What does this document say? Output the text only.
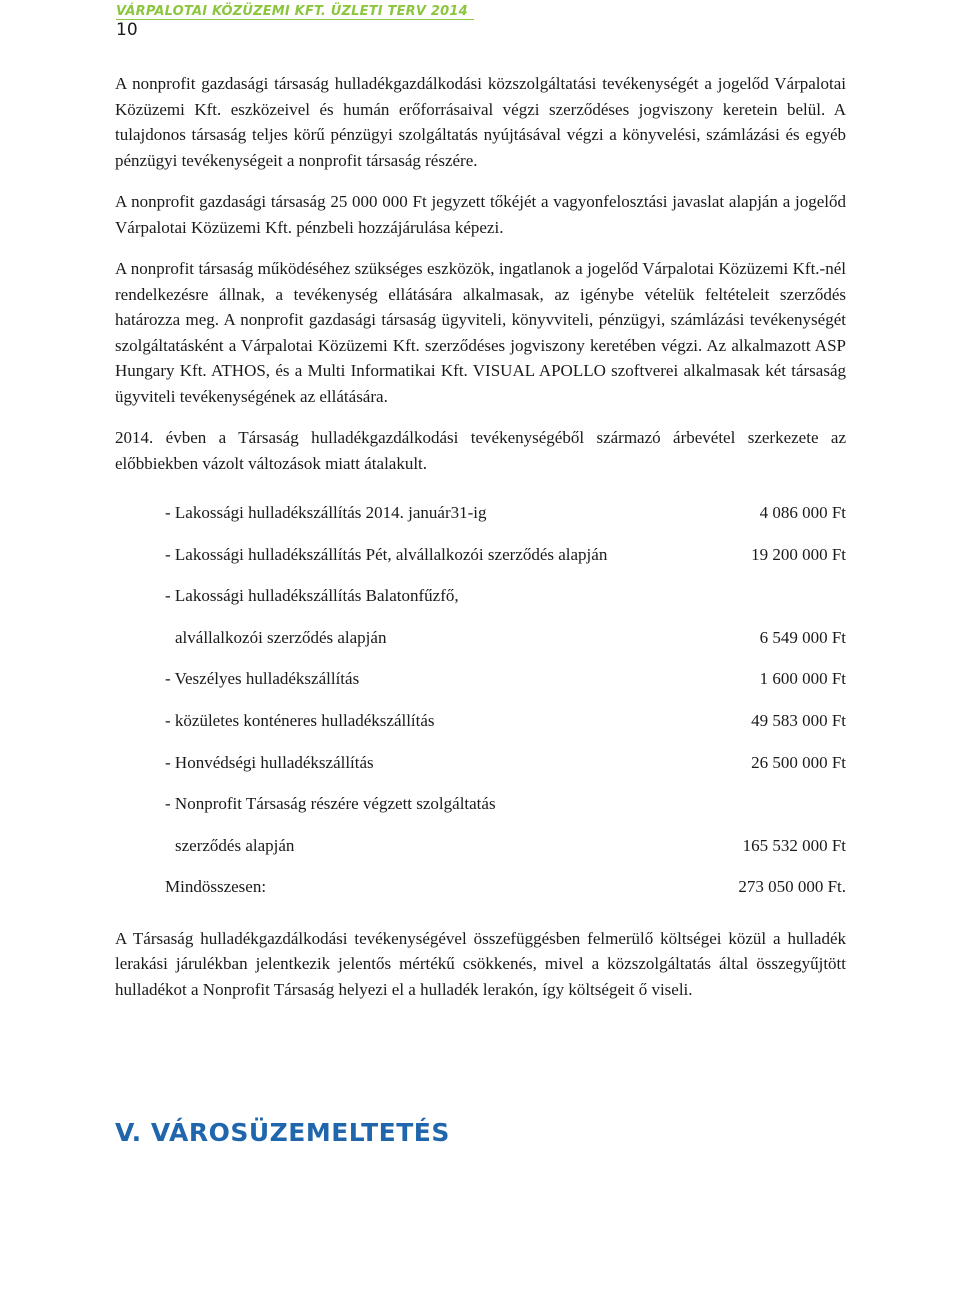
VÁRPALOTAI KÖZÜZEMI KFT. ÜZLETI TERV 2014
10

A nonprofit gazdasági társaság hulladékgazdálkodási közszolgáltatási tevékenységét a jogelőd Várpalotai Közüzemi Kft. eszközeivel és humán erőforrásaival végzi szerződéses jogviszony keretein belül. A tulajdonos társaság teljes körű pénzügyi szolgáltatás nyújtásával végzi a könyvelési, számlázási és egyéb pénzügyi tevékenységeit a nonprofit társaság részére.

A nonprofit gazdasági társaság 25 000 000 Ft jegyzett tőkéjét a vagyonfelosztási javaslat alapján a jogelőd Várpalotai Közüzemi Kft. pénzbeli hozzájárulása képezi.

A nonprofit társaság működéséhez szükséges eszközök, ingatlanok a jogelőd Várpalotai Közüzemi Kft.-nél rendelkezésre állnak, a tevékenység ellátására alkalmasak, az igénybe vételük feltételeit szerződés határozza meg. A nonprofit gazdasági társaság ügyviteli, könyvviteli, pénzügyi, számlázási tevékenységét szolgáltatásként a Várpalotai Közüzemi Kft. szerződéses jogviszony keretében végzi. Az alkalmazott ASP Hungary Kft. ATHOS, és a Multi Informatikai Kft. VISUAL APOLLO szoftverei alkalmasak két társaság ügyviteli tevékenységének az ellátására.

2014. évben a Társaság hulladékgazdálkodási tevékenységéből származó árbevétel szerkezete az előbbiekben vázolt változások miatt átalakult.

- Lakossági hulladékszállítás 2014. január31-ig	4 086 000 Ft
- Lakossági hulladékszállítás Pét, alvállalkozói szerződés alapján	19 200 000 Ft
- Lakossági hulladékszállítás Balatonfűzfő,
alvállalkozói szerződés alapján	6 549 000 Ft
- Veszélyes hulladékszállítás	1 600 000 Ft
- közületes konténeres hulladékszállítás	49 583 000 Ft
- Honvédségi hulladékszállítás	26 500 000 Ft
- Nonprofit Társaság részére végzett szolgáltatás
szerződés alapján	165 532 000 Ft
Mindösszesen:	273 050 000 Ft.

A Társaság hulladékgazdálkodási tevékenységével összefüggésben felmerülő költségei közül a hulladék lerakási járulékban jelentkezik jelentős mértékű csökkenés, mivel a közszolgáltatás által összegyűjtött hulladékot a Nonprofit Társaság helyezi el a hulladék lerakón, így költségeit ő viseli.

V. VÁROSÜZEMELTETÉS
